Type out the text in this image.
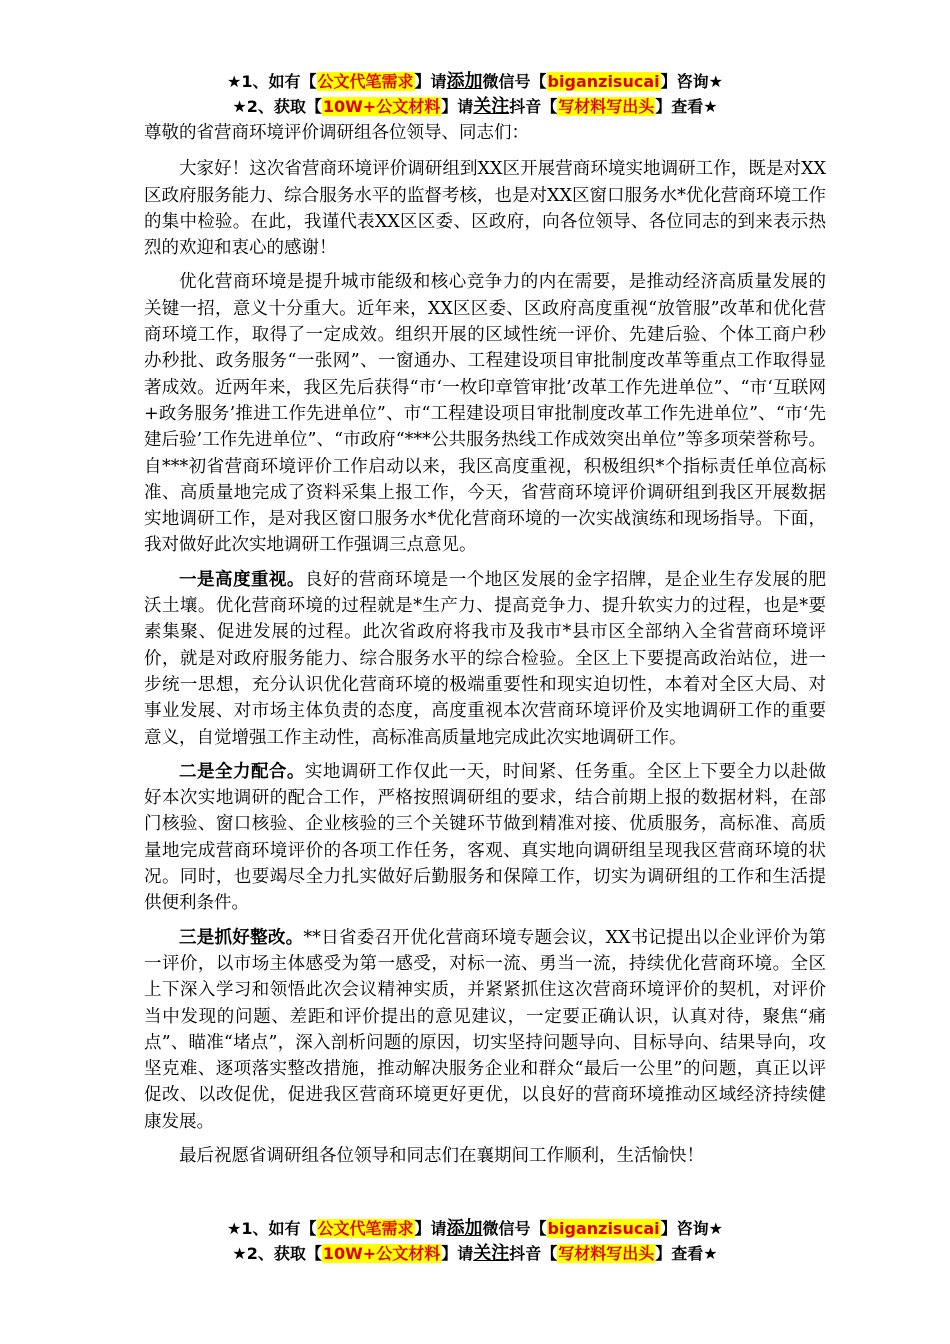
★1、如有【公文代笔需求】请添加微信号【biganzisucai】咨询★
★2、获取【10W+公文材料】请关注抖音【写材料写出头】查看★

尊敬的省营商环境评价调研组各位领导、同志们：

大家好！这次省营商环境评价调研组到XX区开展营商环境实地调研工作，既是对XX区政府服务能力、综合服务水平的监督考核，也是对XX区窗口服务水*优化营商环境工作的集中检验。在此，我谨代表XX区区委、区政府，向各位领导、各位同志的到来表示热烈的欢迎和衷心的感谢！

优化营商环境是提升城市能级和核心竞争力的内在需要，是推动经济高质量发展的关键一招，意义十分重大。近年来，XX区区委、区政府高度重视“放管服”改革和优化营商环境工作，取得了一定成效。组织开展的区域性统一评价、先建后验、个体工商户秒办秒批、政务服务“一张网”、一窗通办、工程建设项目审批制度改革等重点工作取得显著成效。近两年来，我区先后获得“市‘一枚印章管审批’改革工作先进单位”、“市‘互联网+政务服务’推进工作先进单位”、市“工程建设项目审批制度改革工作先进单位”、“市‘先建后验’工作先进单位”、“市政府“***公共服务热线工作成效突出单位”等多项荣誉称号。自***初省营商环境评价工作启动以来，我区高度重视，积极组织*个指标责任单位高标准、高质量地完成了资料采集上报工作，今天，省营商环境评价调研组到我区开展数据实地调研工作，是对我区窗口服务水*优化营商环境的一次实战演练和现场指导。下面，我对做好此次实地调研工作强调三点意见。

一是高度重视。良好的营商环境是一个地区发展的金字招牌，是企业生存发展的肥沃土壤。优化营商环境的过程就是*生产力、提高竞争力、提升软实力的过程，也是*要素集聚、促进发展的过程。此次省政府将我市及我市*县市区全部纳入全省营商环境评价，就是对政府服务能力、综合服务水平的综合检验。全区上下要提高政治站位，进一步统一思想，充分认识优化营商环境的极端重要性和现实迫切性，本着对全区大局、对事业发展、对市场主体负责的态度，高度重视本次营商环境评价及实地调研工作的重要意义，自觉增强工作主动性，高标准高质量地完成此次实地调研工作。

二是全力配合。实地调研工作仅此一天，时间紧、任务重。全区上下要全力以赴做好本次实地调研的配合工作，严格按照调研组的要求，结合前期上报的数据材料，在部门核验、窗口核验、企业核验的三个关键环节做到精准对接、优质服务，高标准、高质量地完成营商环境评价的各项工作任务，客观、真实地向调研组呈现我区营商环境的状况。同时，也要竭尽全力扎实做好后勤服务和保障工作，切实为调研组的工作和生活提供便利条件。

三是抓好整改。**日省委召开优化营商环境专题会议，XX书记提出以企业评价为第一评价，以市场主体感受为第一感受，对标一流、勇当一流，持续优化营商环境。全区上下深入学习和领悟此次会议精神实质，并紧紧抓住这次营商环境评价的契机，对评价当中发现的问题、差距和评价提出的意见建议，一定要正确认识，认真对待，聚焦“痛点”、瞄准“堵点”，深入剖析问题的原因，切实坚持问题导向、目标导向、结果导向，攻坚克难、逐项落实整改措施，推动解决服务企业和群众“最后一公里”的问题，真正以评促改、以改促优，促进我区营商环境更好更优，以良好的营商环境推动区域经济持续健康发展。

最后祝愿省调研组各位领导和同志们在襄期间工作顺利，生活愉快！

★1、如有【公文代笔需求】请添加微信号【biganzisucai】咨询★
★2、获取【10W+公文材料】请关注抖音【写材料写出头】查看★
